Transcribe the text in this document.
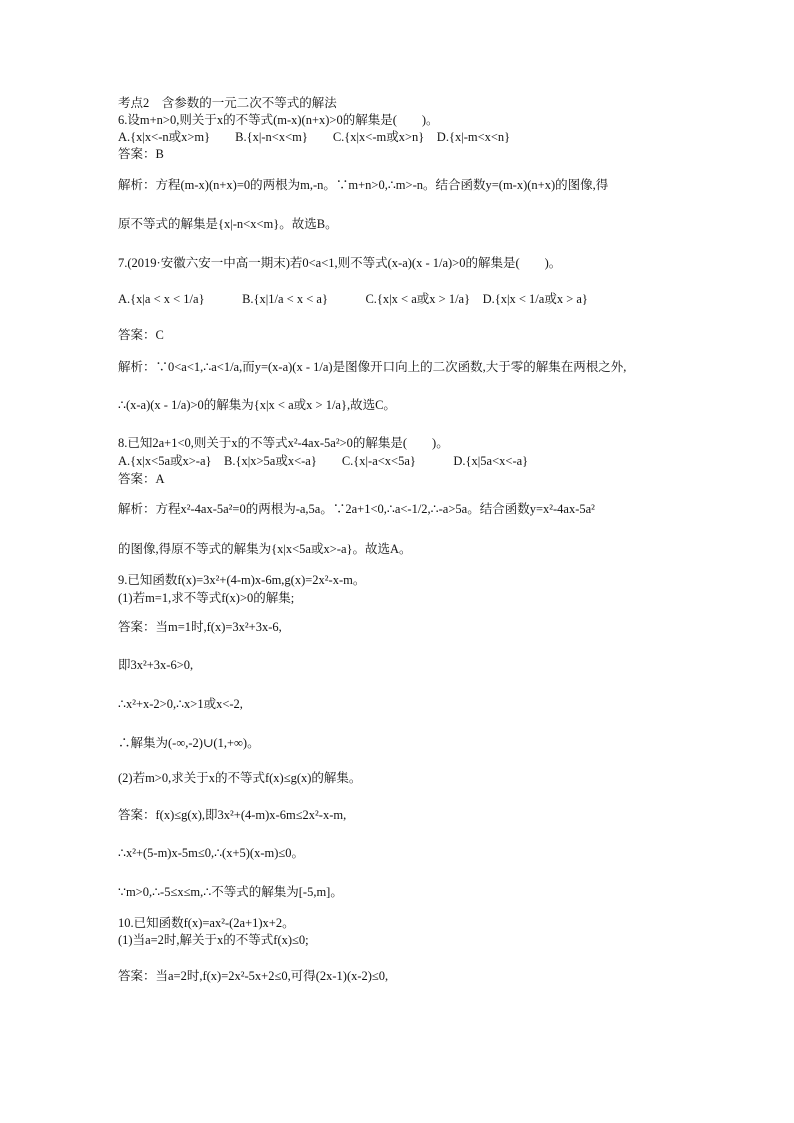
考点2　含参数的一元二次不等式的解法
6.设m+n>0,则关于x的不等式(m-x)(n+x)>0的解集是(　　)。
A.{x|x<-n或x>m}　　B.{x|-n<x<m}　　C.{x|x<-m或x>n}　D.{x|-m<x<n}
答案：B
解析：方程(m-x)(n+x)=0的两根为m,-n。∵m+n>0,∴m>-n。结合函数y=(m-x)(n+x)的图像,得
原不等式的解集是{x|-n<x<m}。故选B。
7.(2019·安徽六安一中高一期末)若0<a<1,则不等式(x-a)(x - 1/a)>0的解集是(　　)。
A.{x|a < x < 1/a}　　　B.{x|1/a < x < a}　　　C.{x|x < a或x > 1/a}　D.{x|x < 1/a或x > a}
答案：C
解析：∵0<a<1,∴a<1/a,而y=(x-a)(x - 1/a)是图像开口向上的二次函数,大于零的解集在两根之外,
∴(x-a)(x - 1/a)>0的解集为{x|x < a或x > 1/a},故选C。
8.已知2a+1<0,则关于x的不等式x²-4ax-5a²>0的解集是(　　)。
A.{x|x<5a或x>-a}　B.{x|x>5a或x<-a}　　C.{x|-a<x<5a}　　　D.{x|5a<x<-a}
答案：A
解析：方程x²-4ax-5a²=0的两根为-a,5a。∵2a+1<0,∴a<-1/2,∴-a>5a。结合函数y=x²-4ax-5a²
的图像,得原不等式的解集为{x|x<5a或x>-a}。故选A。
9.已知函数f(x)=3x²+(4-m)x-6m,g(x)=2x²-x-m。
(1)若m=1,求不等式f(x)>0的解集;
答案：当m=1时,f(x)=3x²+3x-6,
即3x²+3x-6>0,
∴x²+x-2>0,∴x>1或x<-2,
∴解集为(-∞,-2)∪(1,+∞)。
(2)若m>0,求关于x的不等式f(x)≤g(x)的解集。
答案：f(x)≤g(x),即3x²+(4-m)x-6m≤2x²-x-m,
∴x²+(5-m)x-5m≤0,∴(x+5)(x-m)≤0。
∵m>0,∴-5≤x≤m,∴不等式的解集为[-5,m]。
10.已知函数f(x)=ax²-(2a+1)x+2。
(1)当a=2时,解关于x的不等式f(x)≤0;
答案：当a=2时,f(x)=2x²-5x+2≤0,可得(2x-1)(x-2)≤0,
